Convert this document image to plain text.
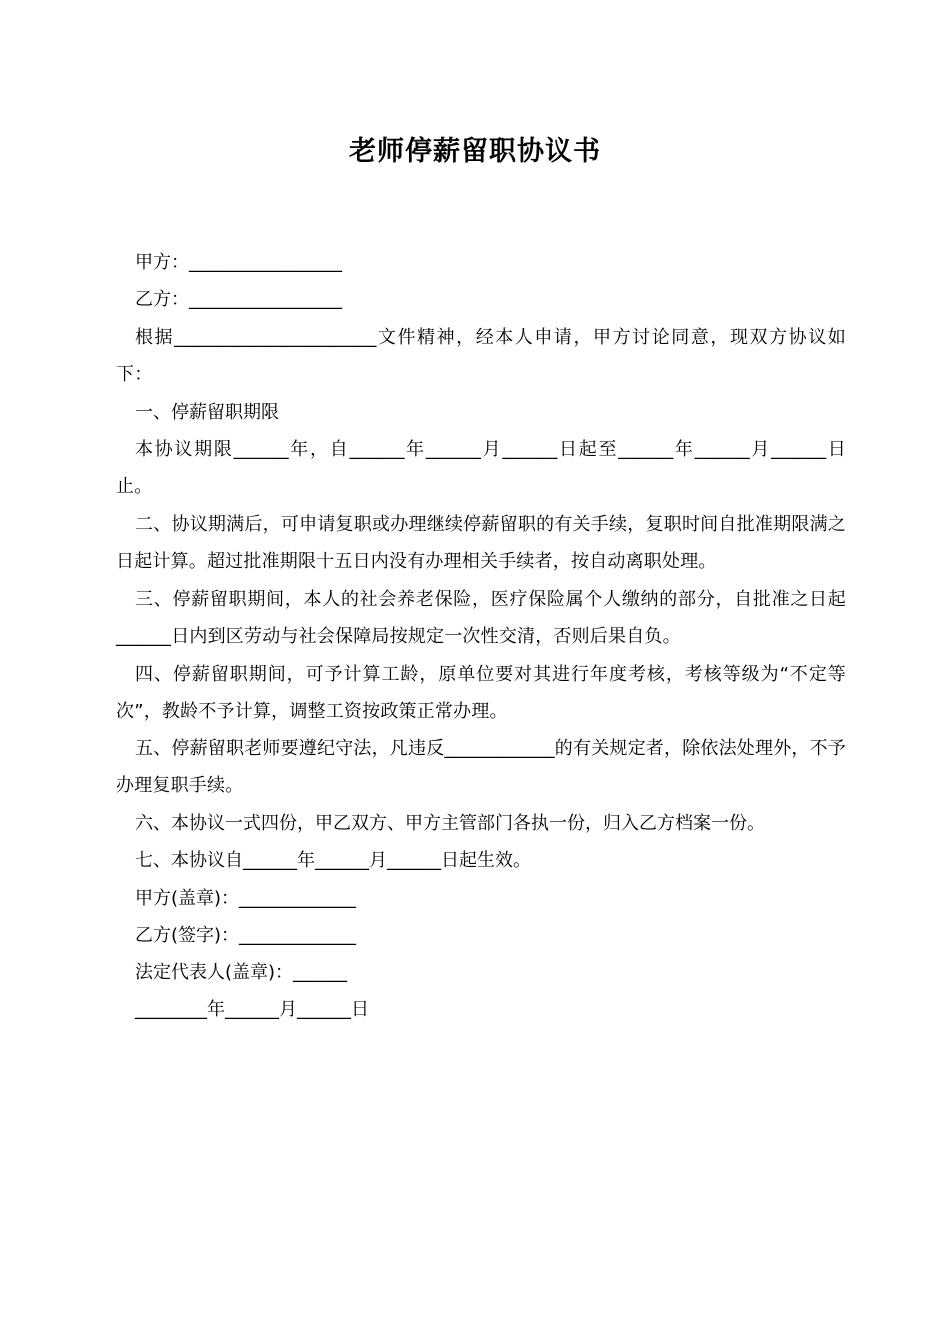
老师停薪留职协议书
甲方：_________________
乙方：_________________
根据______________________文件精神，经本人申请，甲方讨论同意，现双方协议如下：
一、停薪留职期限
本协议期限______年，自______年______月______日起至______年______月______日止。
二、协议期满后，可申请复职或办理继续停薪留职的有关手续，复职时间自批准期限满之日起计算。超过批准期限十五日内没有办理相关手续者，按自动离职处理。
三、停薪留职期间，本人的社会养老保险，医疗保险属个人缴纳的部分，自批准之日起______日内到区劳动与社会保障局按规定一次性交清，否则后果自负。
四、停薪留职期间，可予计算工龄，原单位要对其进行年度考核，考核等级为“不定等次”，教龄不予计算，调整工资按政策正常办理。
五、停薪留职老师要遵纪守法，凡违反____________的有关规定者，除依法处理外，不予办理复职手续。
六、本协议一式四份，甲乙双方、甲方主管部门各执一份，归入乙方档案一份。
七、本协议自______年______月______日起生效。
甲方(盖章)：_____________
乙方(签字)：_____________
法定代表人(盖章)：______
________年______月______日
